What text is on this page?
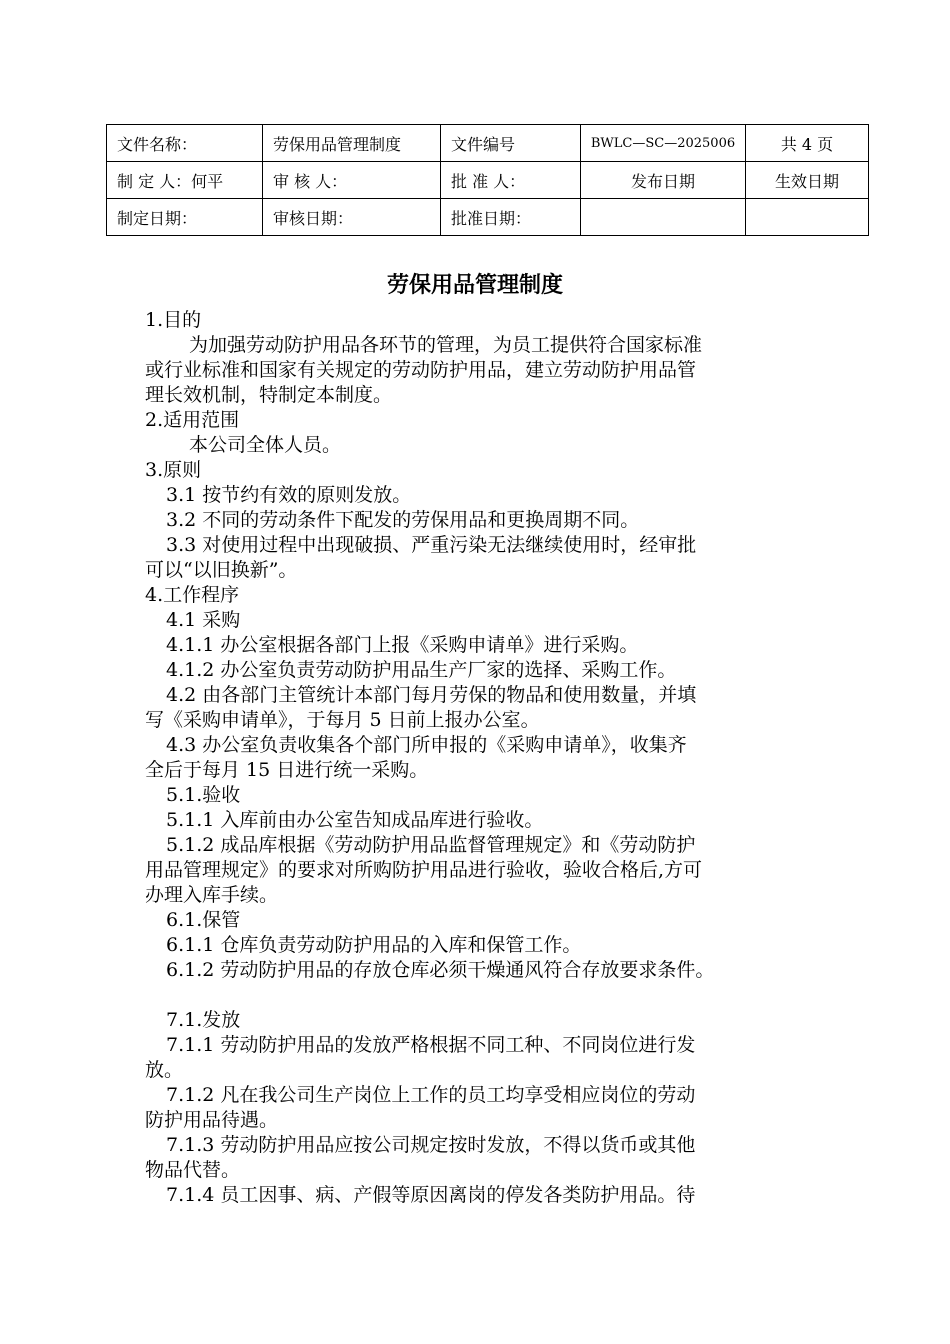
文件名称：	劳保用品管理制度	文件编号	BWLC—SC—2025006	共 4 页
制 定 人：何平	审 核 人：	批 准 人：	发布日期	生效日期
制定日期：	审核日期：	批准日期：		
劳保用品管理制度

1.目的

为加强劳动防护用品各环节的管理，为员工提供符合国家标准

或行业标准和国家有关规定的劳动防护用品，建立劳动防护用品管

理长效机制，特制定本制度。

2.适用范围

本公司全体人员。

3.原则

3.1 按节约有效的原则发放。

3.2 不同的劳动条件下配发的劳保用品和更换周期不同。

3.3 对使用过程中出现破损、严重污染无法继续使用时，经审批

可以“以旧换新”。

4.工作程序

4.1 采购

4.1.1 办公室根据各部门上报《采购申请单》进行采购。

4.1.2 办公室负责劳动防护用品生产厂家的选择、采购工作。

4.2 由各部门主管统计本部门每月劳保的物品和使用数量，并填

写《采购申请单》，于每月 5 日前上报办公室。

4.3 办公室负责收集各个部门所申报的《采购申请单》，收集齐

全后于每月 15 日进行统一采购。

5.1.验收

5.1.1 入库前由办公室告知成品库进行验收。

5.1.2 成品库根据《劳动防护用品监督管理规定》和《劳动防护

用品管理规定》的要求对所购防护用品进行验收，验收合格后,方可

办理入库手续。

6.1.保管

6.1.1 仓库负责劳动防护用品的入库和保管工作。

6.1.2 劳动防护用品的存放仓库必须干燥通风符合存放要求条件。

7.1.发放

7.1.1 劳动防护用品的发放严格根据不同工种、不同岗位进行发

放。

7.1.2 凡在我公司生产岗位上工作的员工均享受相应岗位的劳动

防护用品待遇。

7.1.3 劳动防护用品应按公司规定按时发放，不得以货币或其他

物品代替。

7.1.4 员工因事、病、产假等原因离岗的停发各类防护用品。待
